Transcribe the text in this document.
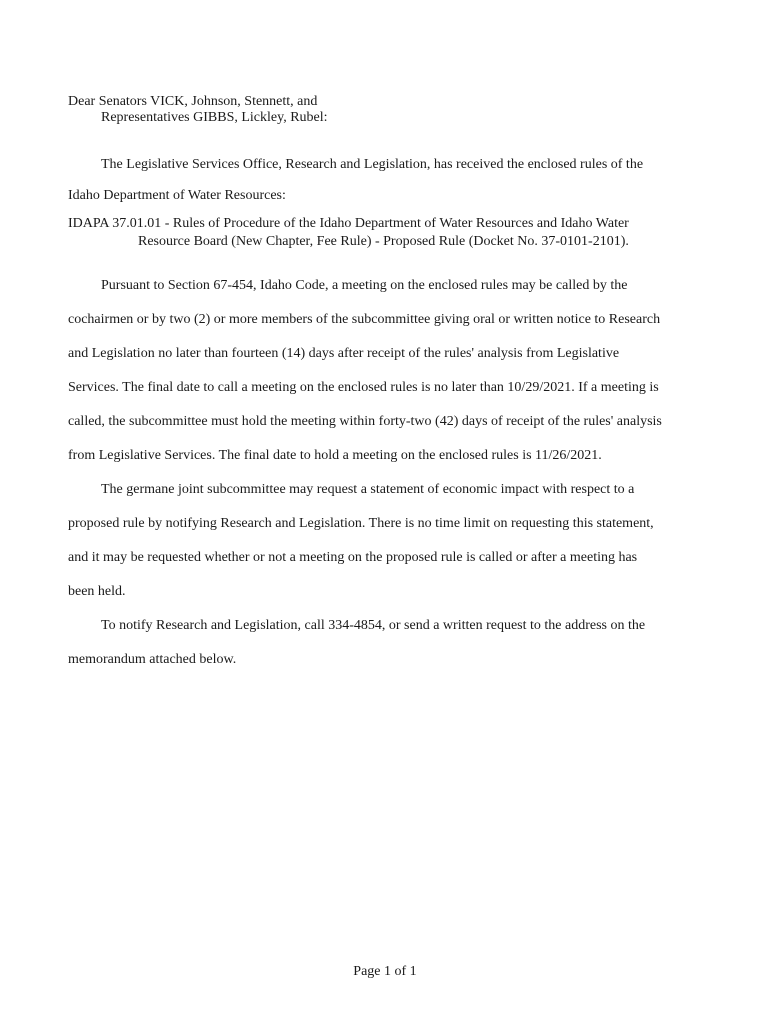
Dear Senators VICK, Johnson, Stennett, and
Representatives GIBBS, Lickley, Rubel:
The Legislative Services Office, Research and Legislation, has received the enclosed rules of the
Idaho Department of Water Resources:
IDAPA 37.01.01 - Rules of Procedure of the Idaho Department of Water Resources and Idaho Water
Resource Board (New Chapter, Fee Rule) - Proposed Rule (Docket No. 37-0101-2101).
Pursuant to Section 67-454, Idaho Code, a meeting on the enclosed rules may be called by the
cochairmen or by two (2) or more members of the subcommittee giving oral or written notice to Research
and Legislation no later than fourteen (14) days after receipt of the rules' analysis from Legislative
Services. The final date to call a meeting on the enclosed rules is no later than 10/29/2021. If a meeting is
called, the subcommittee must hold the meeting within forty-two (42) days of receipt of the rules' analysis
from Legislative Services. The final date to hold a meeting on the enclosed rules is 11/26/2021.
The germane joint subcommittee may request a statement of economic impact with respect to a
proposed rule by notifying Research and Legislation. There is no time limit on requesting this statement,
and it may be requested whether or not a meeting on the proposed rule is called or after a meeting has
been held.
To notify Research and Legislation, call 334-4854, or send a written request to the address on the
memorandum attached below.
Page 1 of 1
